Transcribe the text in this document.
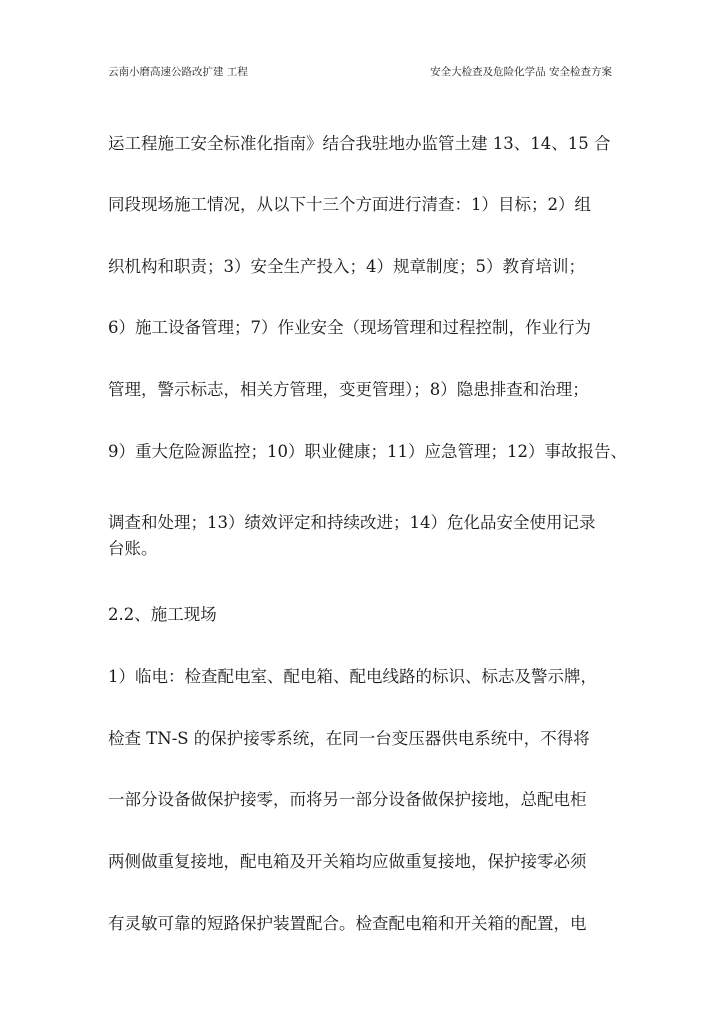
云南小磨高速公路改扩建 工程	安全大检查及危险化学品 安全检查方案
运工程施工安全标准化指南》结合我驻地办监管土建 13、14、15 合
同段现场施工情况，从以下十三个方面进行清查：1）目标；2）组
织机构和职责；3）安全生产投入；4）规章制度；5）教育培训；
6）施工设备管理；7）作业安全（现场管理和过程控制，作业行为
管理，警示标志，相关方管理，变更管理）；8）隐患排查和治理；
9）重大危险源监控；10）职业健康；11）应急管理；12）事故报告、
调查和处理；13）绩效评定和持续改进；14）危化品安全使用记录
台账。
2.2、施工现场
1）临电：检查配电室、配电箱、配电线路的标识、标志及警示牌，
检查 TN-S 的保护接零系统，在同一台变压器供电系统中，不得将
一部分设备做保护接零，而将另一部分设备做保护接地，总配电柜
两侧做重复接地，配电箱及开关箱均应做重复接地，保护接零必须
有灵敏可靠的短路保护装置配合。检查配电箱和开关箱的配置，电
